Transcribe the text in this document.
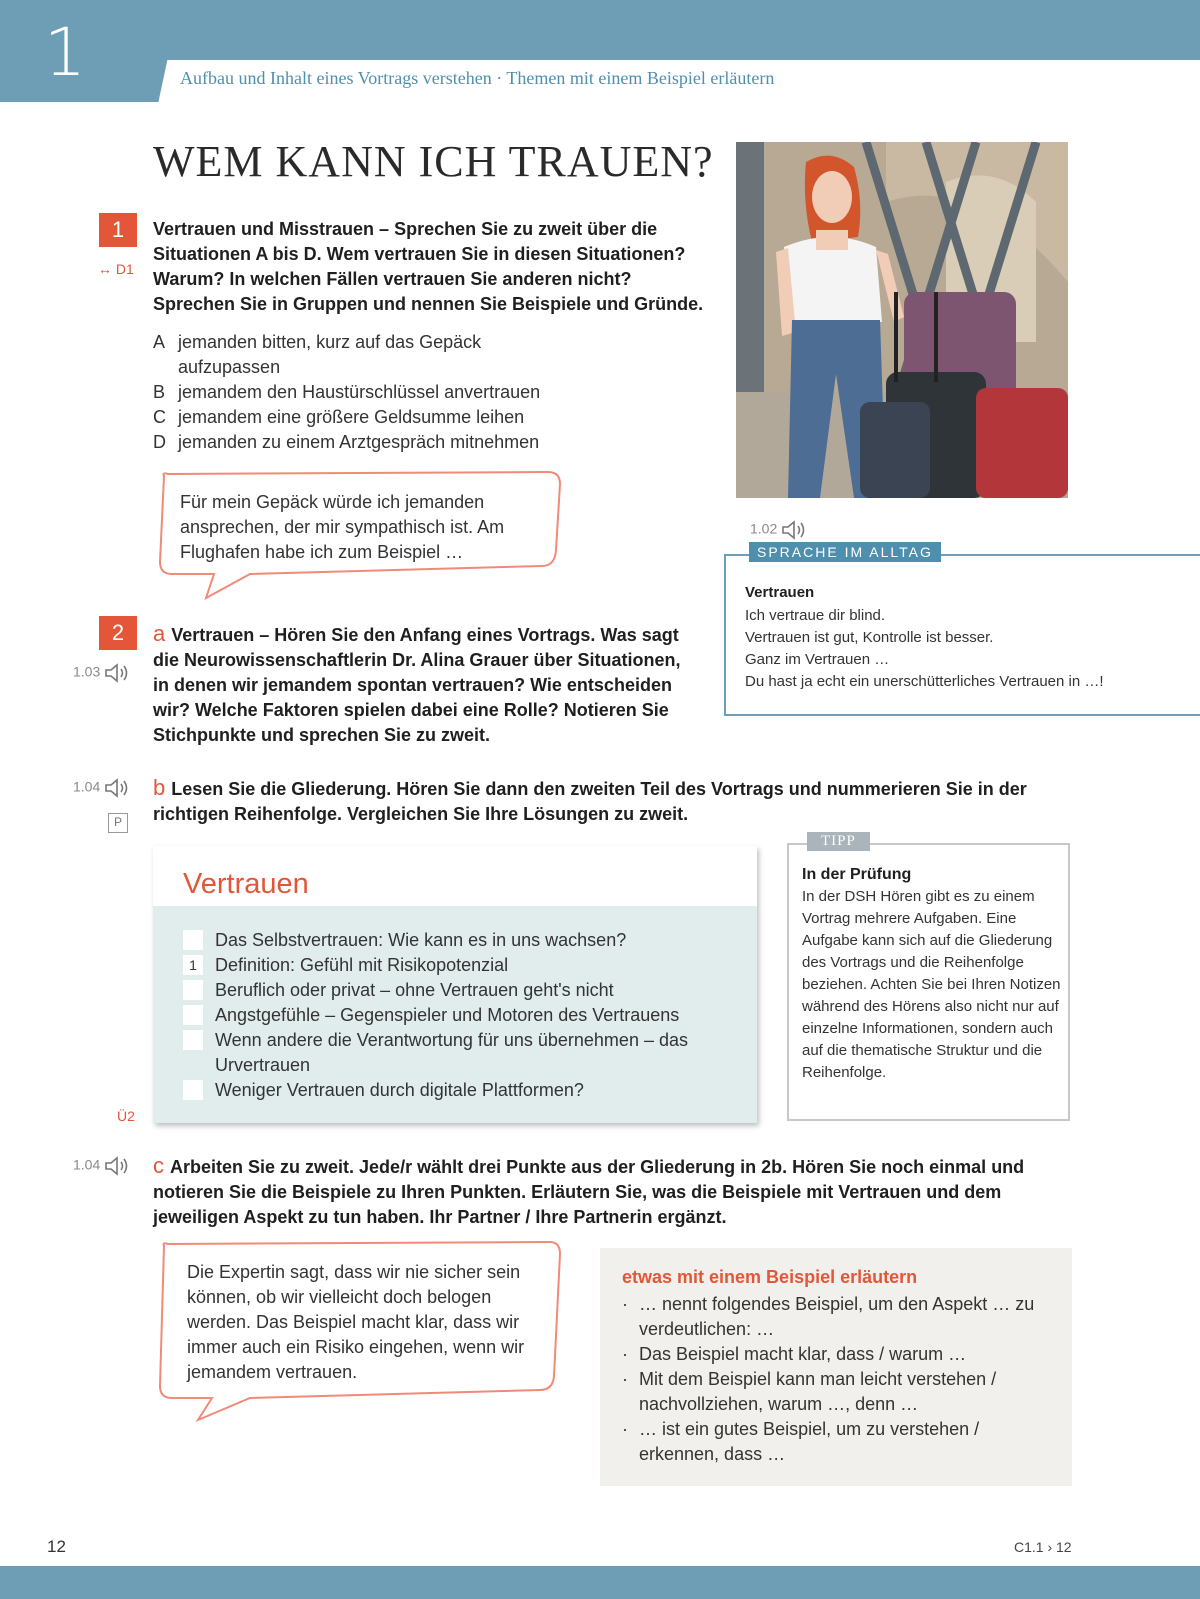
1	Aufbau und Inhalt eines Vortrags verstehen · Themen mit einem Beispiel erläutern
WEM KANN ICH TRAUEN?
1
↔ D1
Vertrauen und Misstrauen – Sprechen Sie zu zweit über die Situationen A bis D. Wem vertrauen Sie in diesen Situationen? Warum? In welchen Fällen vertrauen Sie anderen nicht? Sprechen Sie in Gruppen und nennen Sie Beispiele und Gründe.
A jemanden bitten, kurz auf das Gepäck aufzupassen
B jemandem den Haustürschlüssel anvertrauen
C jemandem eine größere Geldsumme leihen
D jemanden zu einem Arztgespräch mitnehmen
Für mein Gepäck würde ich jemanden ansprechen, der mir sympathisch ist. Am Flughafen habe ich zum Beispiel …
1.02
SPRACHE IM ALLTAG
Vertrauen
Ich vertraue dir blind.
Vertrauen ist gut, Kontrolle ist besser.
Ganz im Vertrauen …
Du hast ja echt ein unerschütterliches Vertrauen in …!
2
1.03
a Vertrauen – Hören Sie den Anfang eines Vortrags. Was sagt die Neurowissenschaftlerin Dr. Alina Grauer über Situationen, in denen wir jemandem spontan vertrauen? Wie entscheiden wir? Welche Faktoren spielen dabei eine Rolle? Notieren Sie Stichpunkte und sprechen Sie zu zweit.
1.04
P
b Lesen Sie die Gliederung. Hören Sie dann den zweiten Teil des Vortrags und nummerieren Sie in der richtigen Reihenfolge. Vergleichen Sie Ihre Lösungen zu zweit.
Vertrauen
Das Selbstvertrauen: Wie kann es in uns wachsen?
1	Definition: Gefühl mit Risikopotenzial
Beruflich oder privat – ohne Vertrauen geht's nicht
Angstgefühle – Gegenspieler und Motoren des Vertrauens
Wenn andere die Verantwortung für uns übernehmen – das Urvertrauen
Weniger Vertrauen durch digitale Plattformen?
Ü2
TIPP
In der Prüfung
In der DSH Hören gibt es zu einem Vortrag mehrere Aufgaben. Eine Aufgabe kann sich auf die Gliederung des Vortrags und die Reihenfolge beziehen. Achten Sie bei Ihren Notizen während des Hörens also nicht nur auf einzelne Informationen, sondern auch auf die thematische Struktur und die Reihenfolge.
1.04	c Arbeiten Sie zu zweit. Jede/r wählt drei Punkte aus der Gliederung in 2b. Hören Sie noch einmal und notieren Sie die Beispiele zu Ihren Punkten. Erläutern Sie, was die Beispiele mit Vertrauen und dem jeweiligen Aspekt zu tun haben. Ihr Partner / Ihre Partnerin ergänzt.
Die Expertin sagt, dass wir nie sicher sein können, ob wir vielleicht doch belogen werden. Das Beispiel macht klar, dass wir immer auch ein Risiko eingehen, wenn wir jemandem vertrauen.
etwas mit einem Beispiel erläutern
· … nennt folgendes Beispiel, um den Aspekt … zu verdeutlichen: …
· Das Beispiel macht klar, dass / warum …
· Mit dem Beispiel kann man leicht verstehen / nachvollziehen, warum …, denn …
· … ist ein gutes Beispiel, um zu verstehen / erkennen, dass …
12	C1.1 › 12
